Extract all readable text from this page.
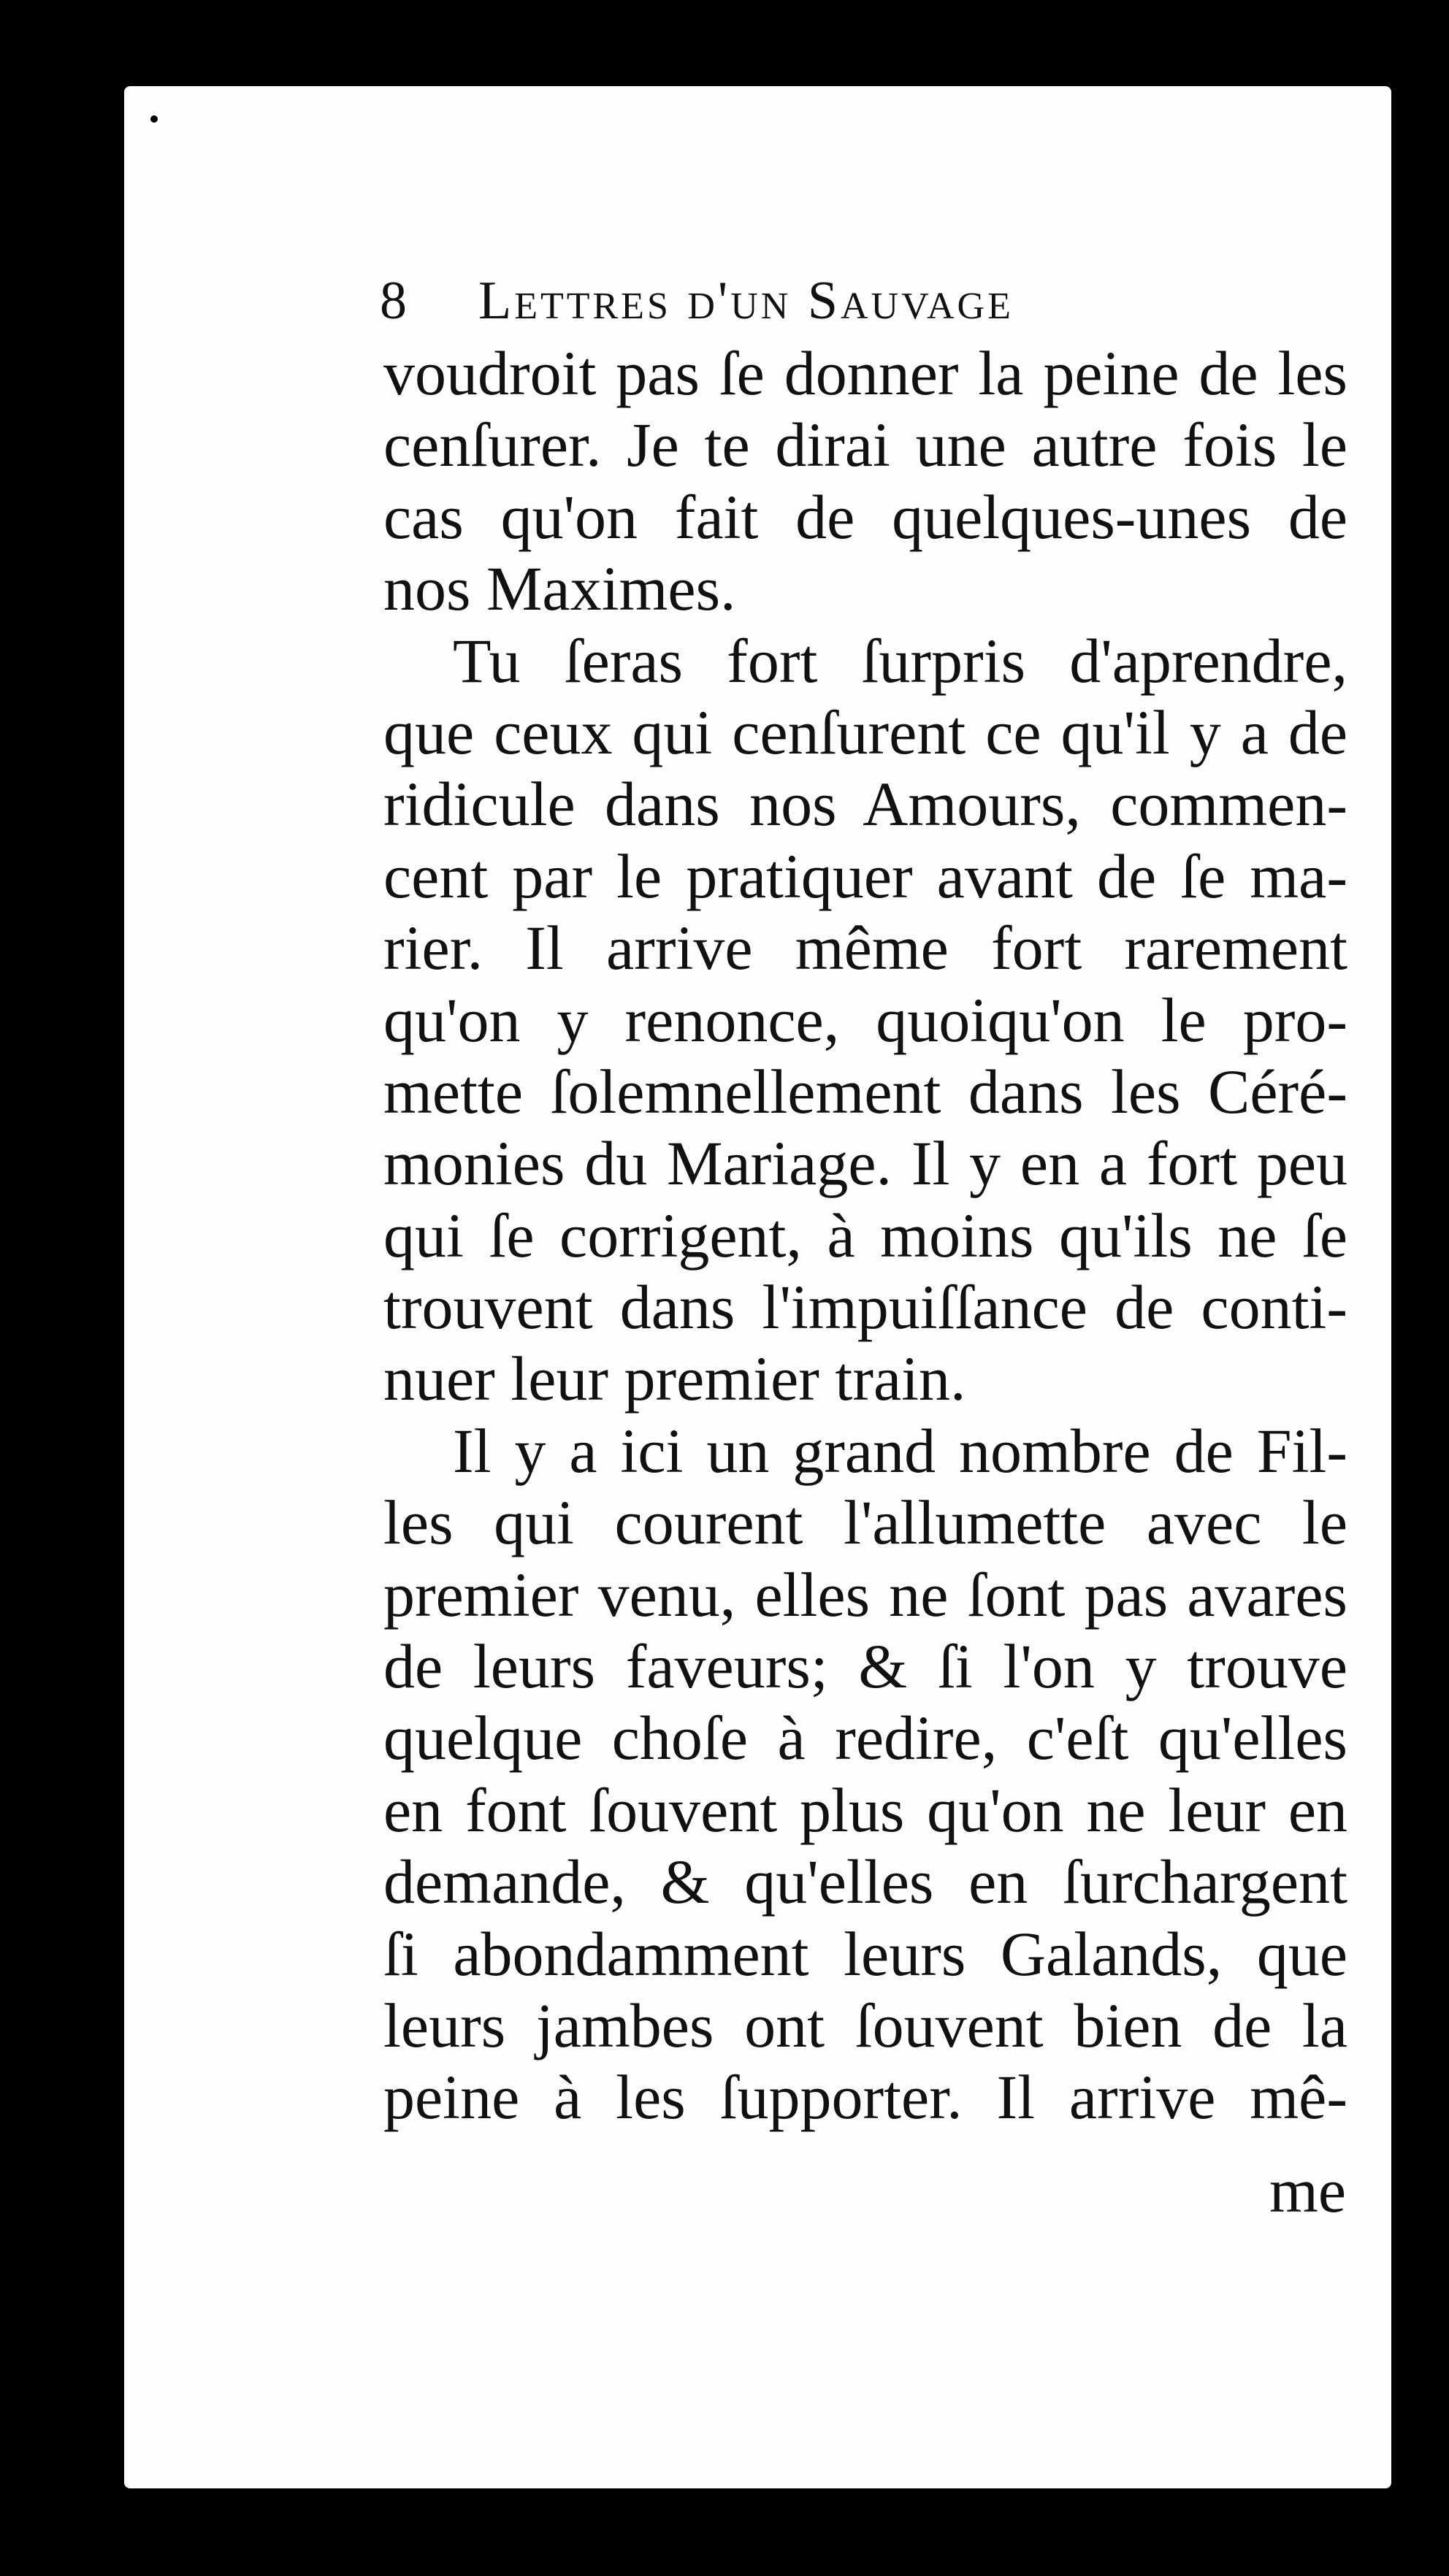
8 Lettres d'un Sauvage
voudroit pas ſe donner la peine de les
cenſurer. Je te dirai une autre fois le
cas qu'on fait de quelques-unes de
nos Maximes.
Tu ſeras fort ſurpris d'aprendre,
que ceux qui cenſurent ce qu'il y a de
ridicule dans nos Amours, commen-
cent par le pratiquer avant de ſe ma-
rier. Il arrive même fort rarement
qu'on y renonce, quoiqu'on le pro-
mette ſolemnellement dans les Céré-
monies du Mariage. Il y en a fort peu
qui ſe corrigent, à moins qu'ils ne ſe
trouvent dans l'impuiſſance de conti-
nuer leur premier train.
Il y a ici un grand nombre de Fil-
les qui courent l'allumette avec le
premier venu, elles ne ſont pas avares
de leurs faveurs; & ſi l'on y trouve
quelque choſe à redire, c'eſt qu'elles
en font ſouvent plus qu'on ne leur en
demande, & qu'elles en ſurchargent
ſi abondamment leurs Galands, que
leurs jambes ont ſouvent bien de la
peine à les ſupporter. Il arrive mê-
me
